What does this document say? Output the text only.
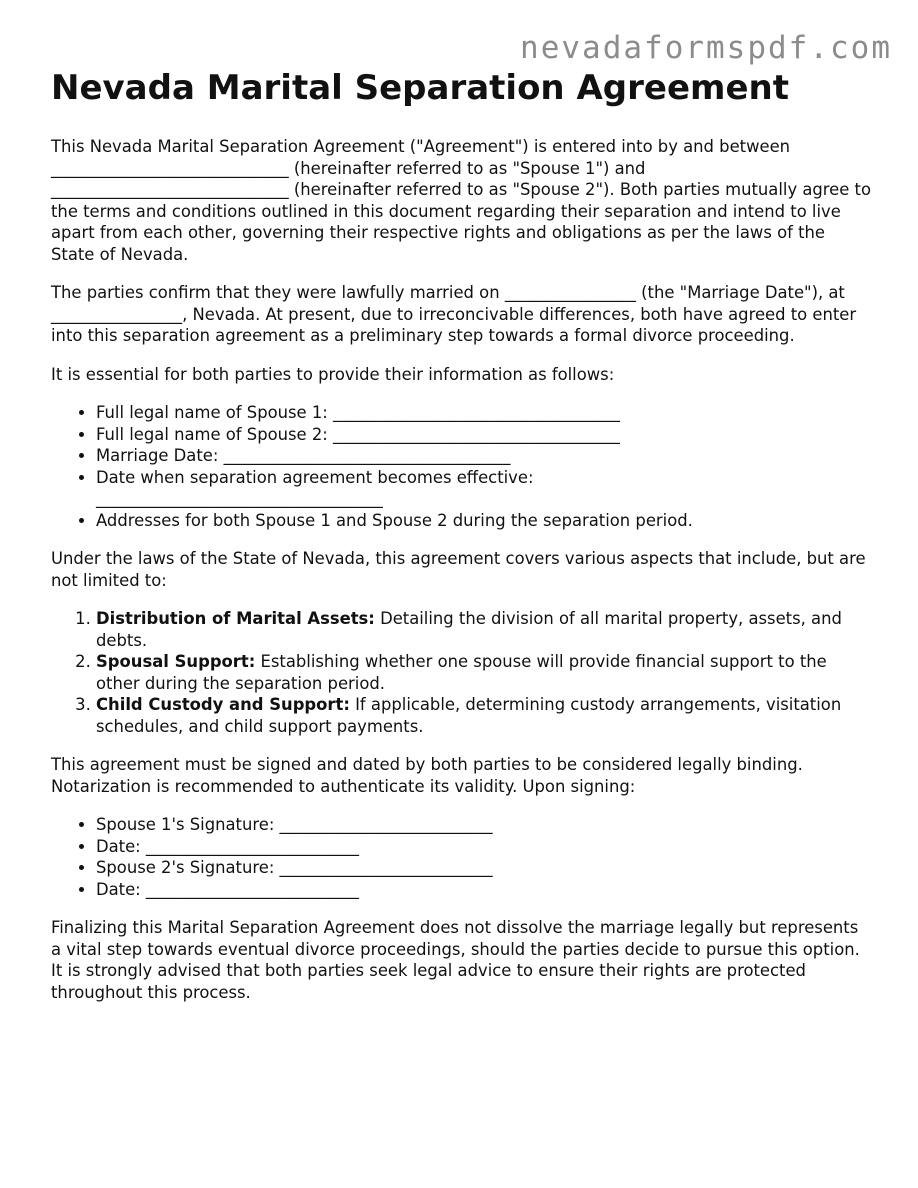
nevadaformspdf.com
Nevada Marital Separation Agreement

This Nevada Marital Separation Agreement ("Agreement") is entered into by and between
_____________________________ (hereinafter referred to as "Spouse 1") and
_____________________________ (hereinafter referred to as "Spouse 2"). Both parties mutually agree to the terms and conditions outlined in this document regarding their separation and intend to live apart from each other, governing their respective rights and obligations as per the laws of the State of Nevada.

The parties confirm that they were lawfully married on ________________ (the "Marriage Date"), at ________________, Nevada. At present, due to irreconcivable differences, both have agreed to enter into this separation agreement as a preliminary step towards a formal divorce proceeding.

It is essential for both parties to provide their information as follows:

• Full legal name of Spouse 1: ___________________________________
• Full legal name of Spouse 2: ___________________________________
• Marriage Date: ___________________________________
• Date when separation agreement becomes effective:
___________________________________
• Addresses for both Spouse 1 and Spouse 2 during the separation period.

Under the laws of the State of Nevada, this agreement covers various aspects that include, but are not limited to:

1. Distribution of Marital Assets: Detailing the division of all marital property, assets, and debts.
2. Spousal Support: Establishing whether one spouse will provide financial support to the other during the separation period.
3. Child Custody and Support: If applicable, determining custody arrangements, visitation schedules, and child support payments.

This agreement must be signed and dated by both parties to be considered legally binding. Notarization is recommended to authenticate its validity. Upon signing:

• Spouse 1's Signature: __________________________
• Date: __________________________
• Spouse 2's Signature: __________________________
• Date: __________________________

Finalizing this Marital Separation Agreement does not dissolve the marriage legally but represents a vital step towards eventual divorce proceedings, should the parties decide to pursue this option. It is strongly advised that both parties seek legal advice to ensure their rights are protected throughout this process.
